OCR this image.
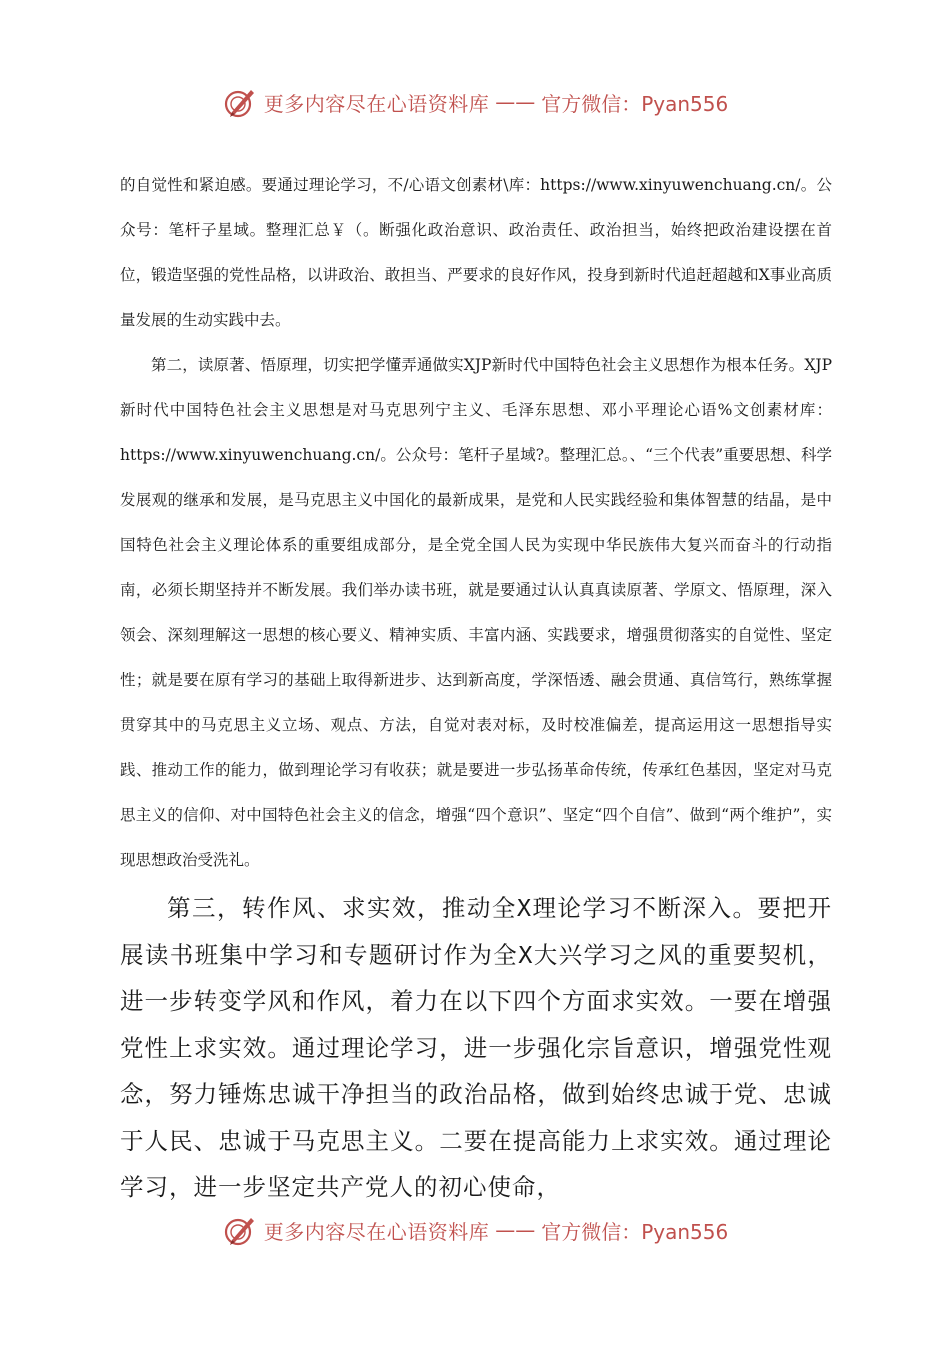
更多内容尽在心语资料库 —— 官方微信：Pyan556

的自觉性和紧迫感。要通过理论学习，不/心语文创素材\库：https://www.xinyuwenchuang.cn/。公众号：笔杆子星域。整理汇总￥（。断强化政治意识、政治责任、政治担当，始终把政治建设摆在首位，锻造坚强的党性品格，以讲政治、敢担当、严要求的良好作风，投身到新时代追赶超越和X事业高质量发展的生动实践中去。

第二，读原著、悟原理，切实把学懂弄通做实XJP新时代中国特色社会主义思想作为根本任务。XJP新时代中国特色社会主义思想是对马克思列宁主义、毛泽东思想、邓小平理论心语%文创素材库：https://www.xinyuwenchuang.cn/。公众号：笔杆子星域?。整理汇总。、“三个代表”重要思想、科学发展观的继承和发展，是马克思主义中国化的最新成果，是党和人民实践经验和集体智慧的结晶，是中国特色社会主义理论体系的重要组成部分，是全党全国人民为实现中华民族伟大复兴而奋斗的行动指南，必须长期坚持并不断发展。我们举办读书班，就是要通过认认真真读原著、学原文、悟原理，深入领会、深刻理解这一思想的核心要义、精神实质、丰富内涵、实践要求，增强贯彻落实的自觉性、坚定性；就是要在原有学习的基础上取得新进步、达到新高度，学深悟透、融会贯通、真信笃行，熟练掌握贯穿其中的马克思主义立场、观点、方法，自觉对表对标，及时校准偏差，提高运用这一思想指导实践、推动工作的能力，做到理论学习有收获；就是要进一步弘扬革命传统，传承红色基因，坚定对马克思主义的信仰、对中国特色社会主义的信念，增强“四个意识”、坚定“四个自信”、做到“两个维护”，实现思想政治受洗礼。

第三，转作风、求实效，推动全X理论学习不断深入。要把开展读书班集中学习和专题研讨作为全X大兴学习之风的重要契机，进一步转变学风和作风，着力在以下四个方面求实效。一要在增强党性上求实效。通过理论学习，进一步强化宗旨意识，增强党性观念，努力锤炼忠诚干净担当的政治品格，做到始终忠诚于党、忠诚于人民、忠诚于马克思主义。二要在提高能力上求实效。通过理论学习，进一步坚定共产党人的初心使命，

更多内容尽在心语资料库 —— 官方微信：Pyan556
